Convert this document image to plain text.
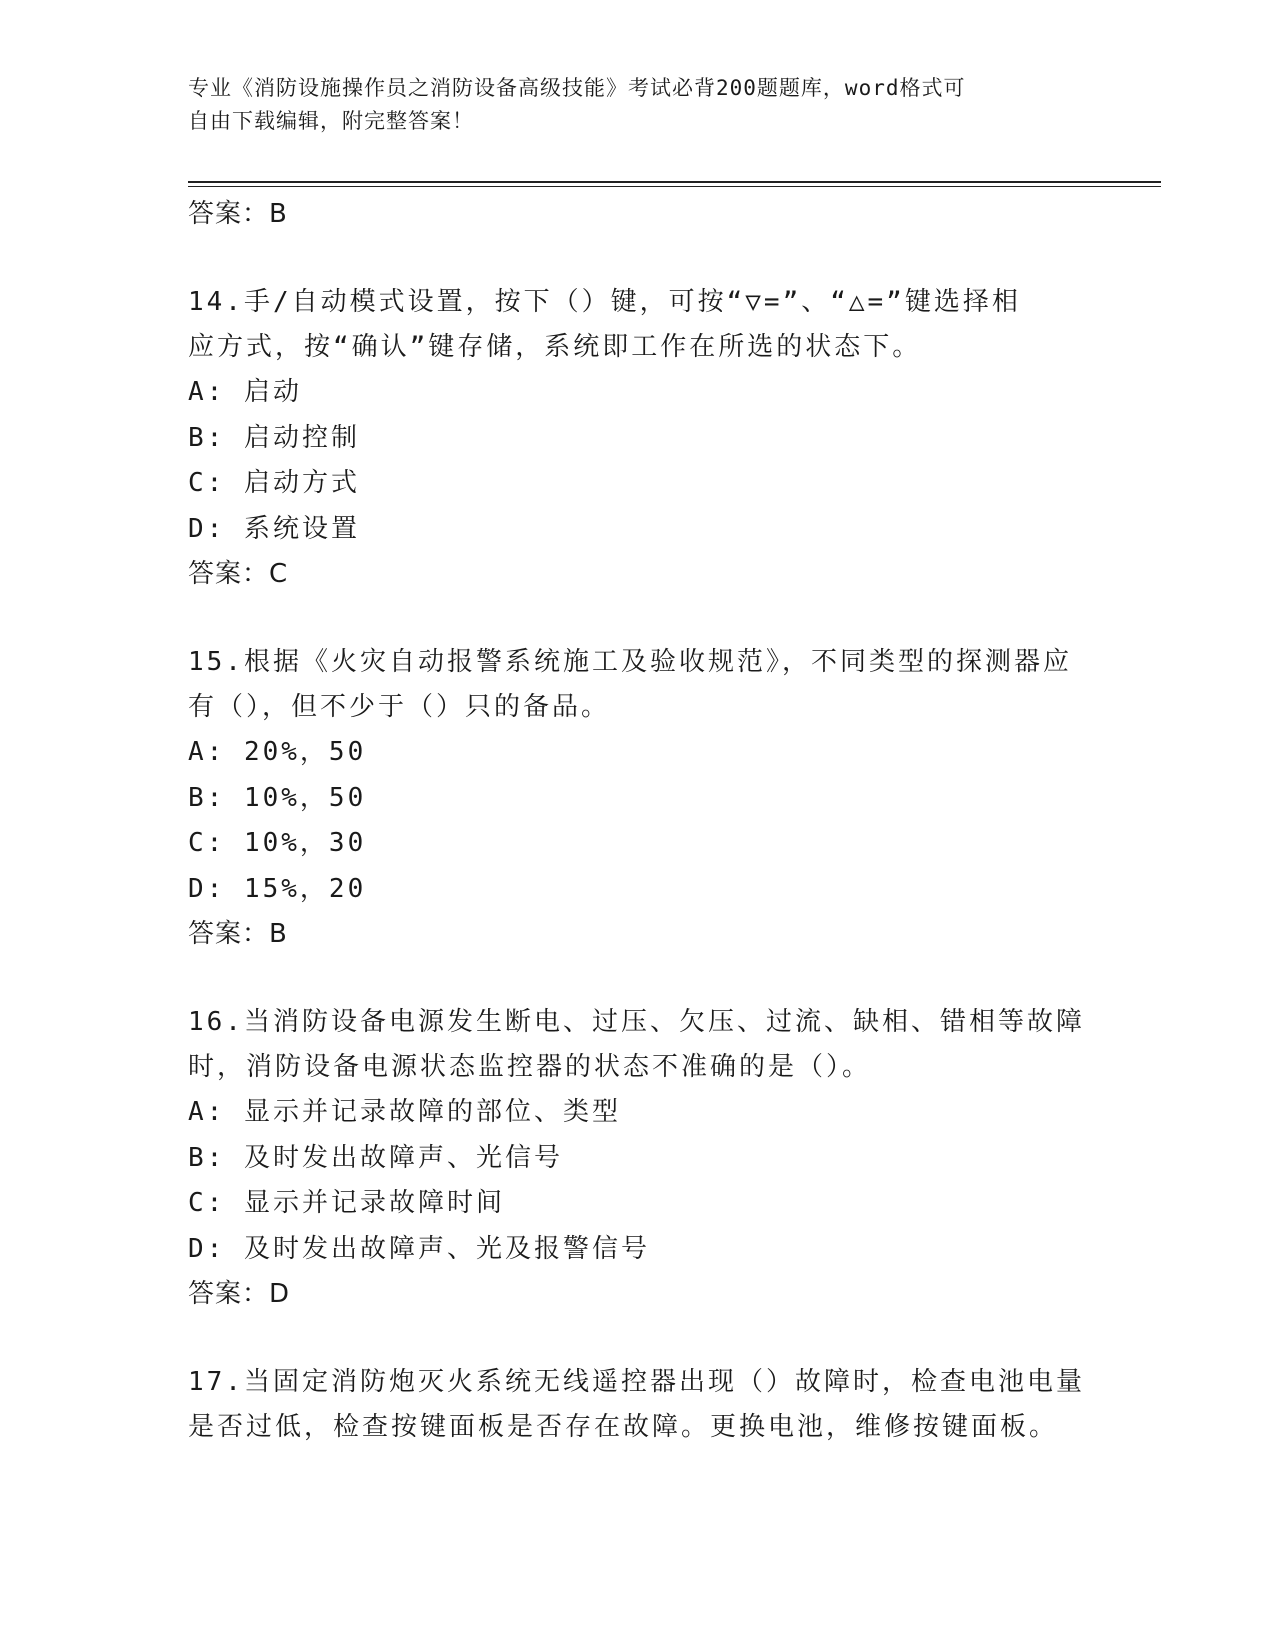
专业《消防设施操作员之消防设备高级技能》考试必背200题题库，word格式可
自由下载编辑，附完整答案！
答案：B
14.手/自动模式设置，按下（）键，可按“▽=”、“△=”键选择相
应方式，按“确认”键存储，系统即工作在所选的状态下。
A: 启动
B: 启动控制
C: 启动方式
D: 系统设置
答案：C
15.根据《火灾自动报警系统施工及验收规范》，不同类型的探测器应
有（），但不少于（）只的备品。
A: 20%，50
B: 10%，50
C: 10%，30
D: 15%，20
答案：B
16.当消防设备电源发生断电、过压、欠压、过流、缺相、错相等故障
时，消防设备电源状态监控器的状态不准确的是（）。
A: 显示并记录故障的部位、类型
B: 及时发出故障声、光信号
C: 显示并记录故障时间
D: 及时发出故障声、光及报警信号
答案：D
17.当固定消防炮灭火系统无线遥控器出现（）故障时，检查电池电量
是否过低，检查按键面板是否存在故障。更换电池，维修按键面板。
